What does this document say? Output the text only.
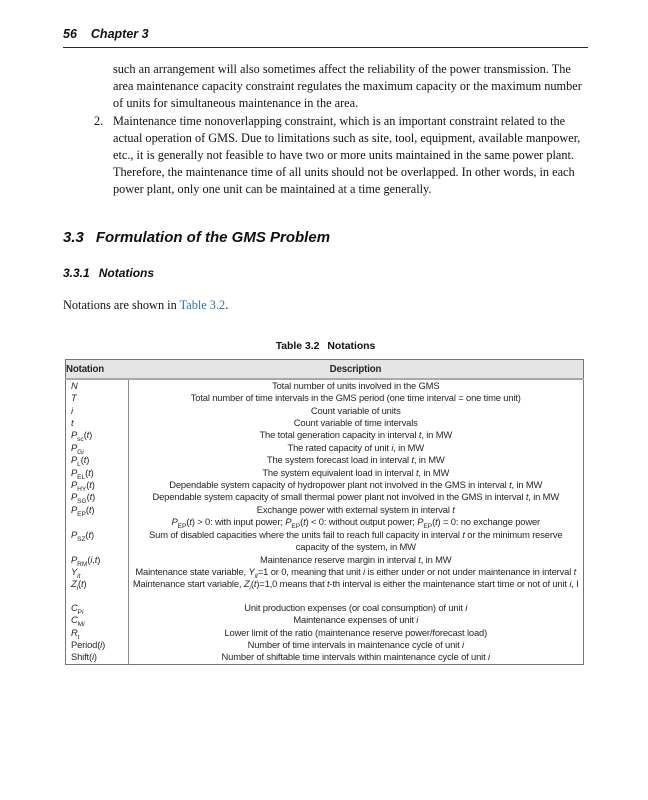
56 Chapter 3

such an arrangement will also sometimes affect the reliability of the power transmission. The area maintenance capacity constraint regulates the maximum capacity or the maximum number of units for simultaneous maintenance in the area.

2. Maintenance time nonoverlapping constraint, which is an important constraint related to the actual operation of GMS. Due to limitations such as site, tool, equipment, available manpower, etc., it is generally not feasible to have two or more units maintained in the same power plant. Therefore, the maintenance time of all units should not be overlapped. In other words, in each power plant, only one unit can be maintained at a time generally.
3.3 Formulation of the GMS Problem
3.3.1 Notations

Notations are shown in Table 3.2.

Table 3.2 Notations
Notation	Description
N	Total number of units involved in the GMS

T	Total number of time intervals in the GMS period (one time interval = one time unit)

i	Count variable of units

t	Count variable of time intervals

$P_{sc}(t)$	The total generation capacity in interval t, in MW

$P_{Gi}$	The rated capacity of unit i, in MW

$P_L(t)$	The system forecast load in interval t, in MW

$P_{EL}(t)$	The system equivalent load in interval t, in MW

$P_{HY}(t)$	Dependable system capacity of hydropower plant not involved in the GMS in interval t, in MW

$P_{SG}(t)$	Dependable system capacity of small thermal power plant not involved in the GMS in interval t, in MW

$P_{EP}(t)$	Exchange power with external system in interval t
$P_{EP}(t) > 0$: with input power; $P_{EP}(t) < 0$: without output power; $P_{EP}(t) = 0$: no exchange power

$P_{SZ}(t)$	Sum of disabled capacities where the units fail to reach full capacity in interval t or the minimum reserve capacity of the system, in MW

$P_{RM}(i,t)$	Maintenance reserve margin in interval t, in MW

$Y_{it}$	Maintenance state variable, $Y_{it}=1$ or 0, meaning that unit i is either under or not under maintenance in interval t

$Z_i(t)$	Maintenance start variable, $Z_i(t)=1,0$ means that t-th interval is either the maintenance start time or not of unit i, I

$C_{Pi}$	Unit production expenses (or coal consumption) of unit i

$C_{Mi}$	Maintenance expenses of unit i

$R_t$	Lower limit of the ratio (maintenance reserve power/forecast load)

Period(i)	Number of time intervals in maintenance cycle of unit i

Shift(i)	Number of shiftable time intervals within maintenance cycle of unit i
